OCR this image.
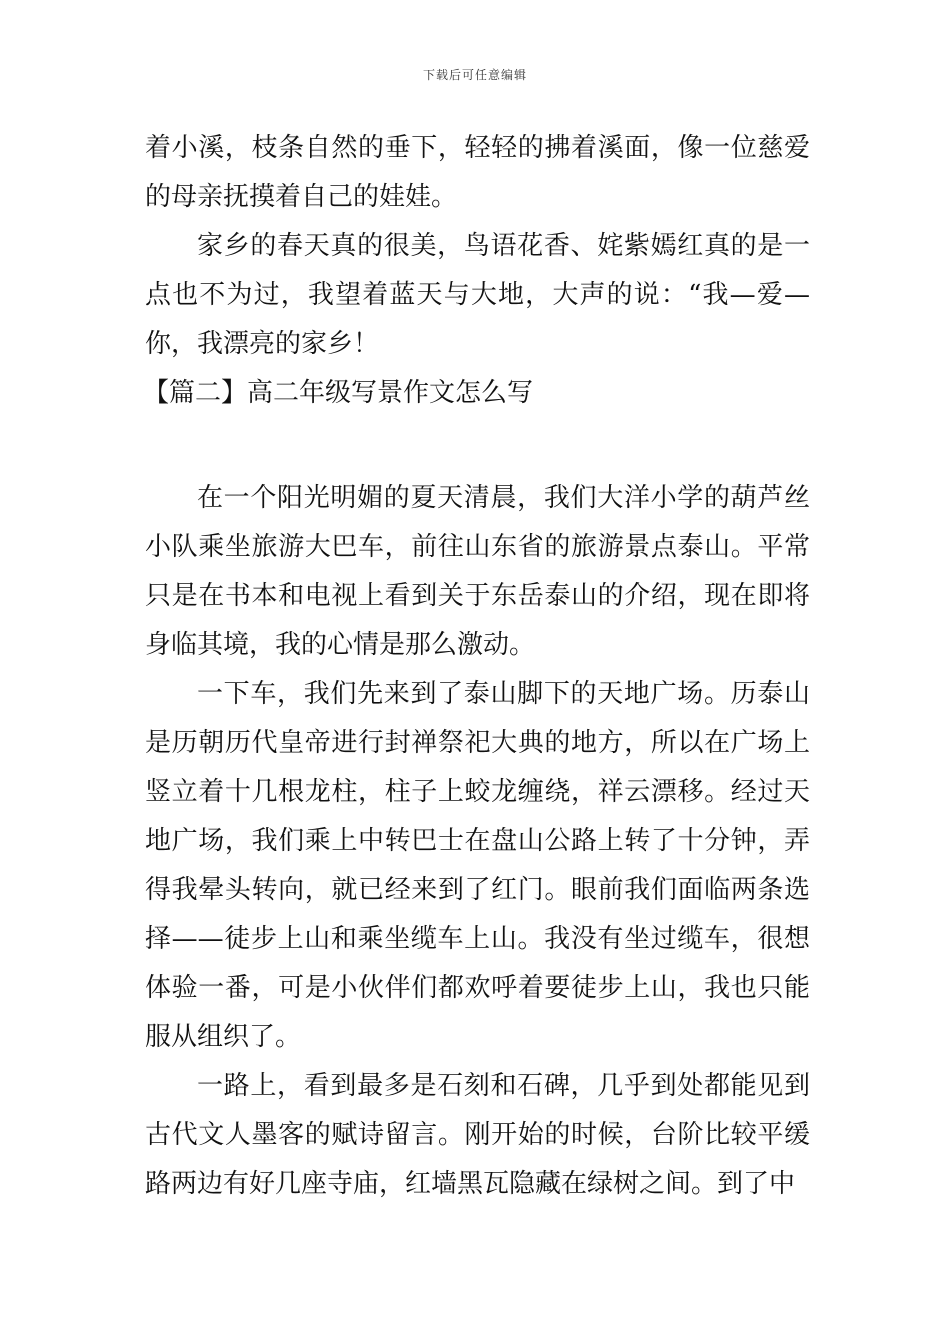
下载后可任意编辑

着小溪，枝条自然的垂下，轻轻的拂着溪面，像一位慈爱的母亲抚摸着自己的娃娃。

家乡的春天真的很美，鸟语花香、姹紫嫣红真的是一点也不为过，我望着蓝天与大地，大声的说：“我—爱—你，我漂亮的家乡！

【篇二】高二年级写景作文怎么写

在一个阳光明媚的夏天清晨，我们大洋小学的葫芦丝小队乘坐旅游大巴车，前往山东省的旅游景点泰山。平常只是在书本和电视上看到关于东岳泰山的介绍，现在即将身临其境，我的心情是那么激动。

一下车，我们先来到了泰山脚下的天地广场。历泰山是历朝历代皇帝进行封禅祭祀大典的地方，所以在广场上竖立着十几根龙柱，柱子上蛟龙缠绕，祥云漂移。经过天地广场，我们乘上中转巴士在盘山公路上转了十分钟，弄得我晕头转向，就已经来到了红门。眼前我们面临两条选择——徒步上山和乘坐缆车上山。我没有坐过缆车，很想体验一番，可是小伙伴们都欢呼着要徒步上山，我也只能服从组织了。

一路上，看到最多是石刻和石碑，几乎到处都能见到古代文人墨客的赋诗留言。刚开始的时候，台阶比较平缓路两边有好几座寺庙，红墙黑瓦隐藏在绿树之间。到了中
